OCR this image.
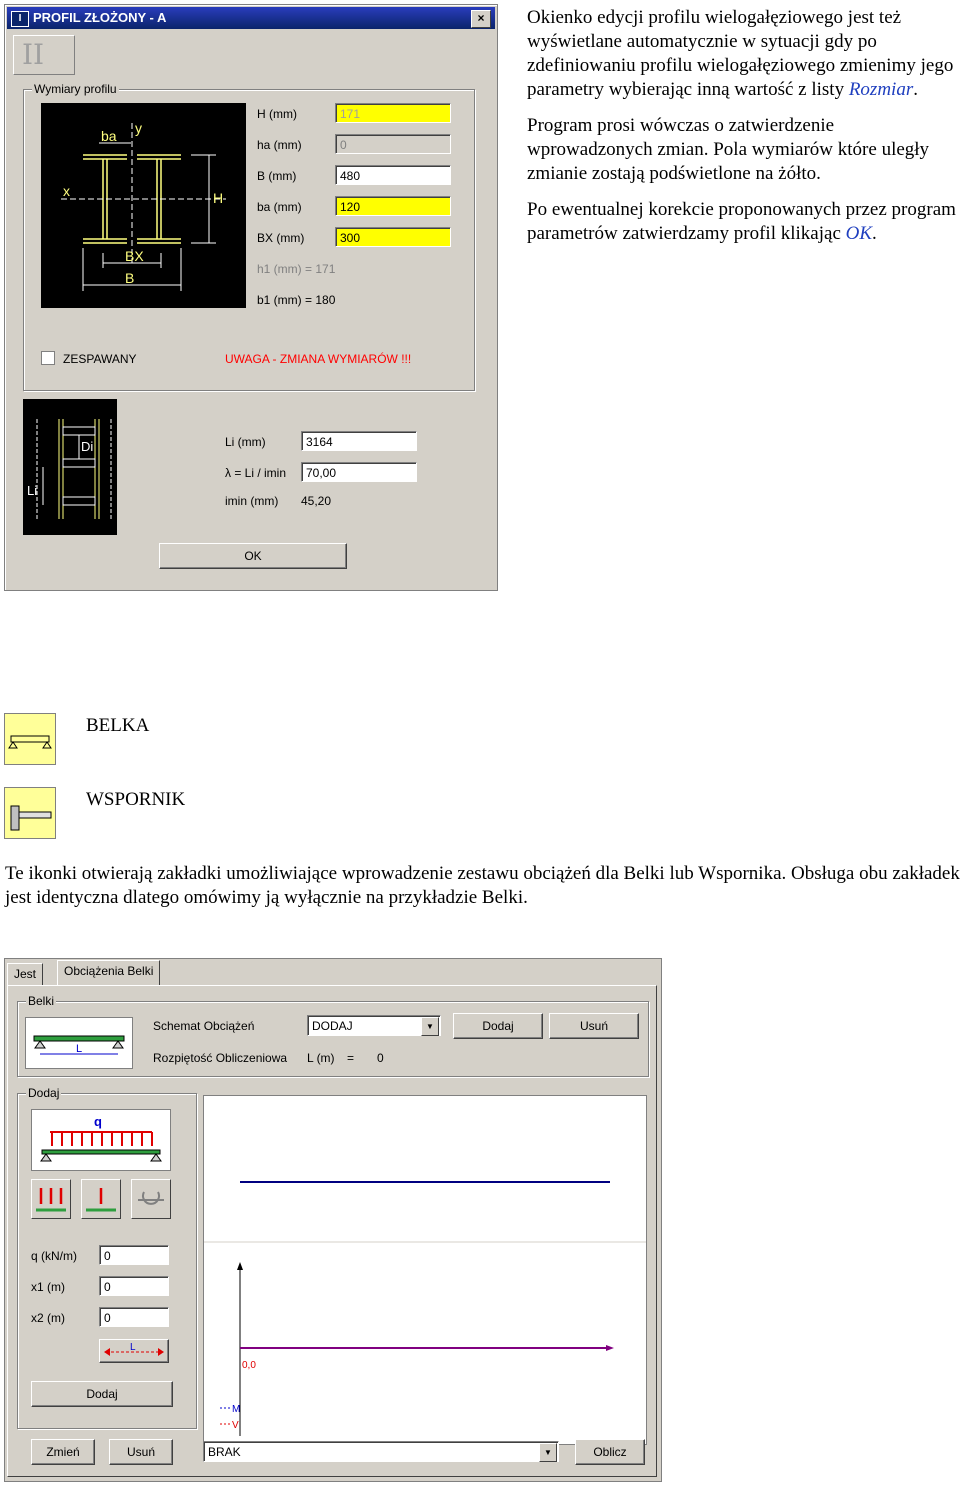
I PROFIL ZŁOŻONY - A	×
II
Wymiary profilu
ba y
x	H
BX
B
H (mm)	171
ha (mm)	0
B (mm)	480
ba (mm)	120
BX (mm)	300
h1 (mm) = 171
b1 (mm) = 180
ZESPAWANY	UWAGA - ZMIANA WYMIARÓW !!!
Di
Li
Li (mm)	3164
λ = Li / imin	70,00
imin (mm) 45,20
OK

Okienko edycji profilu wielogałęziowego jest też wyświetlane automatycznie w sytuacji gdy po zdefiniowaniu profilu wielogałęziowego zmienimy jego parametry wybierając inną wartość z listy Rozmiar.

Program prosi wówczas o zatwierdzenie wprowadzonych zmian. Pola wymiarów które uległy zmianie zostają podświetlone na żółto.

Po ewentualnej korekcie proponowanych przez program parametrów zatwierdzamy profil klikając OK.

BELKA
WSPORNIK
Te ikonki otwierają zakładki umożliwiające wprowadzenie zestawu obciążeń dla Belki lub Wspornika. Obsługa obu zakładek jest identyczna dlatego omówimy ją wyłącznie na przykładzie Belki.
Jest	Obciążenia Belki
Belki
L
Schemat Obciążeń	DODAJ	▼	Dodaj	Usuń
Rozpiętość Obliczeniowa L (m) = 0
Dodaj
q
q (kN/m)	0
x1 (m)	0
x2 (m)	0
L
Dodaj
0,0
M
V
Zmień	Usuń	BRAK	▼	Oblicz
